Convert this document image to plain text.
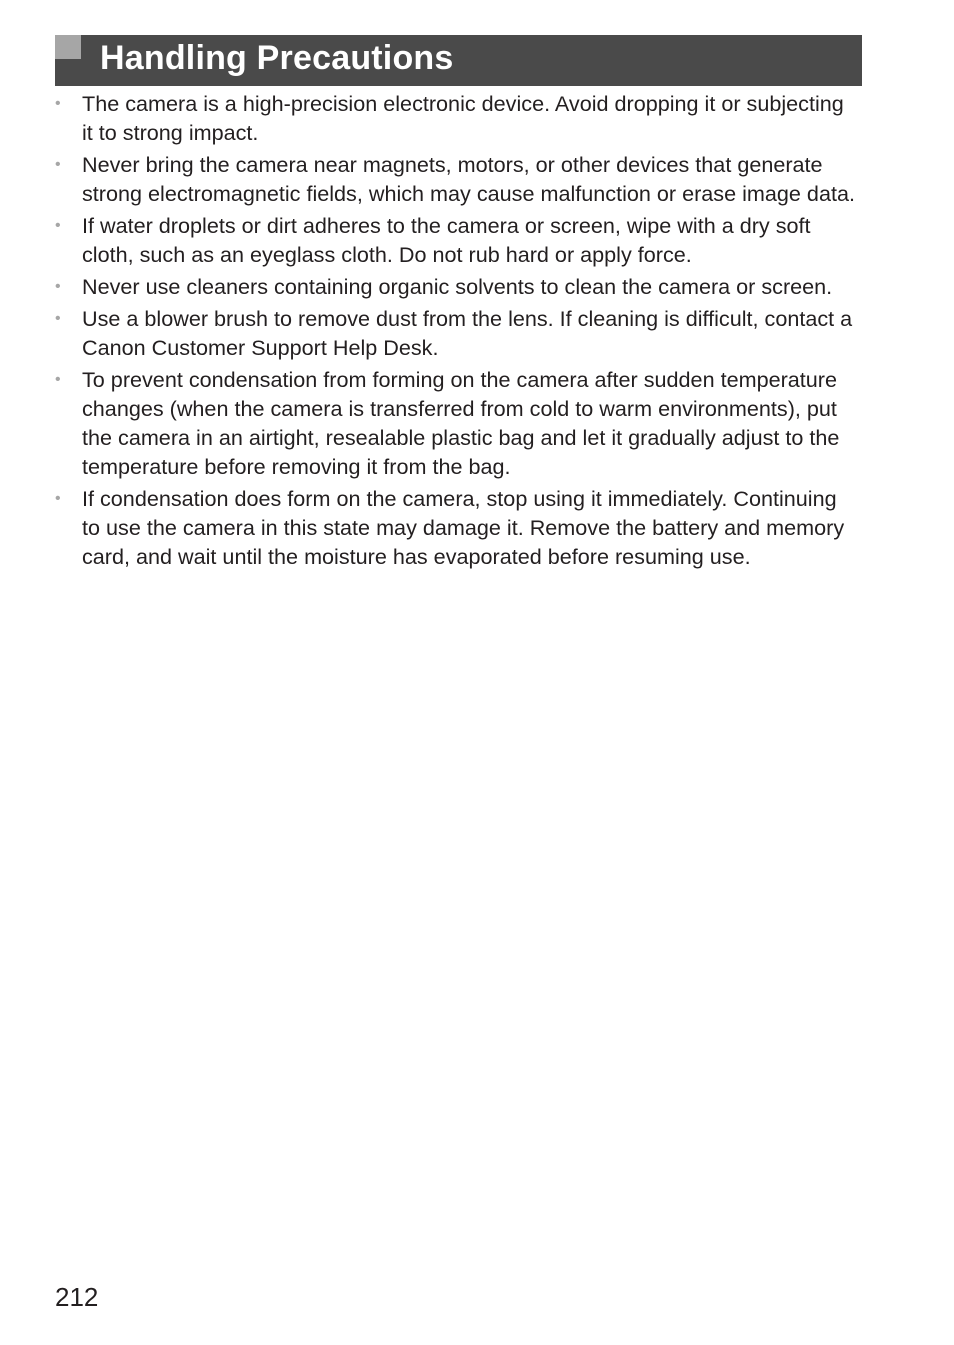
Handling Precautions
• The camera is a high-precision electronic device. Avoid dropping it or subjecting it to strong impact.
• Never bring the camera near magnets, motors, or other devices that generate strong electromagnetic fields, which may cause malfunction or erase image data.
• If water droplets or dirt adheres to the camera or screen, wipe with a dry soft cloth, such as an eyeglass cloth. Do not rub hard or apply force.
• Never use cleaners containing organic solvents to clean the camera or screen.
• Use a blower brush to remove dust from the lens. If cleaning is difficult, contact a Canon Customer Support Help Desk.
• To prevent condensation from forming on the camera after sudden temperature changes (when the camera is transferred from cold to warm environments), put the camera in an airtight, resealable plastic bag and let it gradually adjust to the temperature before removing it from the bag.
• If condensation does form on the camera, stop using it immediately. Continuing to use the camera in this state may damage it. Remove the battery and memory card, and wait until the moisture has evaporated before resuming use.
212
